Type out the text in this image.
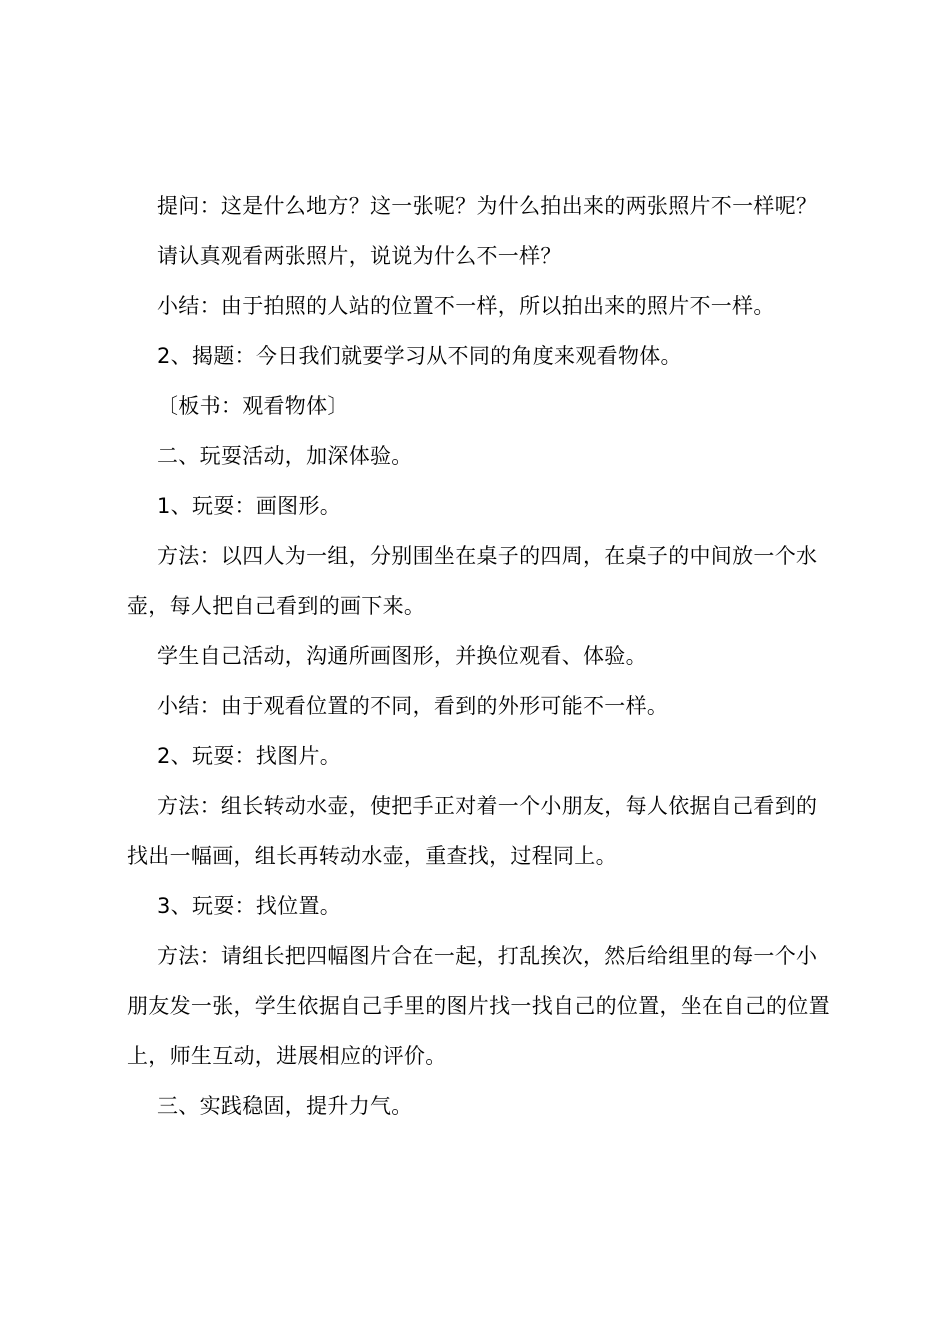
提问：这是什么地方？这一张呢？为什么拍出来的两张照片不一样呢？

请认真观看两张照片，说说为什么不一样？

小结：由于拍照的人站的位置不一样，所以拍出来的照片不一样。

2、揭题：今日我们就要学习从不同的角度来观看物体。

〔板书：观看物体〕

二、玩耍活动，加深体验。

1、玩耍：画图形。

方法：以四人为一组，分别围坐在桌子的四周，在桌子的中间放一个水壶，每人把自己看到的画下来。

学生自己活动，沟通所画图形，并换位观看、体验。

小结：由于观看位置的不同，看到的外形可能不一样。

2、玩耍：找图片。

方法：组长转动水壶，使把手正对着一个小朋友，每人依据自己看到的找出一幅画，组长再转动水壶，重查找，过程同上。

3、玩耍：找位置。

方法：请组长把四幅图片合在一起，打乱挨次，然后给组里的每一个小朋友发一张，学生依据自己手里的图片找一找自己的位置，坐在自己的位置上，师生互动，进展相应的评价。

三、实践稳固，提升力气。
